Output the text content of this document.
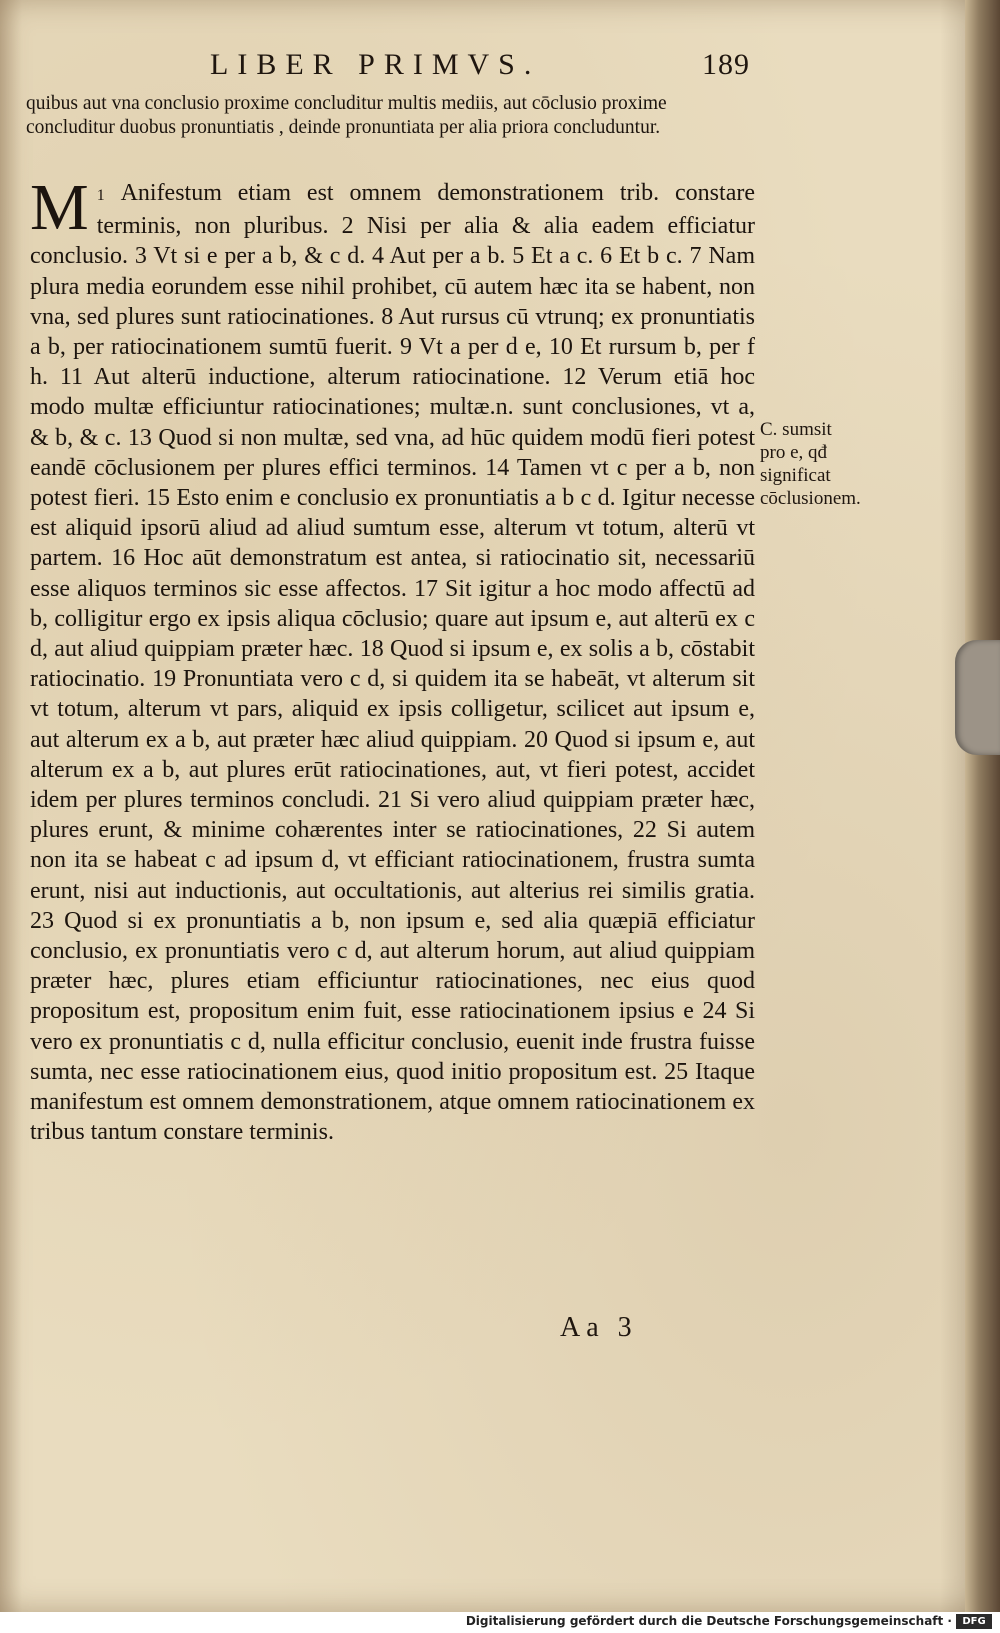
LIBER PRIMVS.	189
quibus aut vna conclusio proxime concluditur multis mediis, aut cōclusio proxime concluditur duobus pronuntiatis , deinde pronuntiata per alia priora concluduntur.
1
M Anifestum etiam est omnem demonstrationem trib. constare terminis, non pluribus. 2 Nisi per alia & alia eadem efficiatur conclusio. 3 Vt si e per a b, & c d. 4 Aut per a b. 5 Et a c. 6 Et b c. 7 Nam plura media eorundem esse nihil prohibet, cū autem hæc ita se habent, non vna, sed plures sunt ratiocinationes. 8 Aut rursus cū vtrunq; ex pronuntiatis a b, per ratiocinationem sumtū fuerit. 9 Vt a per d e, 10 Et rursum b, per f h. 11 Aut alterū inductione, alterum ratiocinatione. 12 Verum etiā hoc modo multæ efficiuntur ratiocinationes; multæ.n. sunt conclusiones, vt a, & b, & c. 13 Quod si non multæ, sed vna, ad hūc quidem modū fieri potest eandē cōclusionem per plures effici terminos. 14 Tamen vt c per a b, non potest fieri. 15 Esto enim e conclusio ex pronuntiatis a b c d. Igitur necesse est aliquid ipsorū aliud ad aliud sumtum esse, alterum vt totum, alterū vt partem. 16 Hoc aūt demonstratum est antea, si ratiocinatio sit, necessariū esse aliquos terminos sic esse affectos. 17 Sit igitur a hoc modo affectū ad b, colligitur ergo ex ipsis aliqua cōclusio; quare aut ipsum e, aut alterū ex c d, aut aliud quippiam præter hæc. 18 Quod si ipsum e, ex solis a b, cōstabit ratiocinatio. 19 Pronuntiata vero c d, si quidem ita se habeāt, vt alterum sit vt totum, alterum vt pars, aliquid ex ipsis colligetur, scilicet aut ipsum e, aut alterum ex a b, aut præter hæc aliud quippiam. 20 Quod si ipsum e, aut alterum ex a b, aut plures erūt ratiocinationes, aut, vt fieri potest, accidet idem per plures terminos concludi. 21 Si vero aliud quippiam præter hæc, plures erunt, & minime cohærentes inter se ratiocinationes, 22 Si autem non ita se habeat c ad ipsum d, vt efficiant ratiocinationem, frustra sumta erunt, nisi aut inductionis, aut occultationis, aut alterius rei similis gratia. 23 Quod si ex pronuntiatis a b, non ipsum e, sed alia quæpiā efficiatur conclusio, ex pronuntiatis vero c d, aut alterum horum, aut aliud quippiam præter hæc, plures etiam efficiuntur ratiocinationes, nec eius quod propositum est, propositum enim fuit, esse ratiocinationem ipsius e 24 Si vero ex pronuntiatis c d, nulla efficitur conclusio, euenit inde frustra fuisse sumta, nec esse ratiocinationem eius, quod initio propositum est. 25 Itaque manifestum est omnem demonstrationem, atque omnem ratiocinationem ex tribus tantum constare terminis.
C. sumsit pro e, qđ significat cōclusionem.
Aa 3
Digitalisierung gefördert durch die Deutsche Forschungsgemeinschaft ·	DFG
